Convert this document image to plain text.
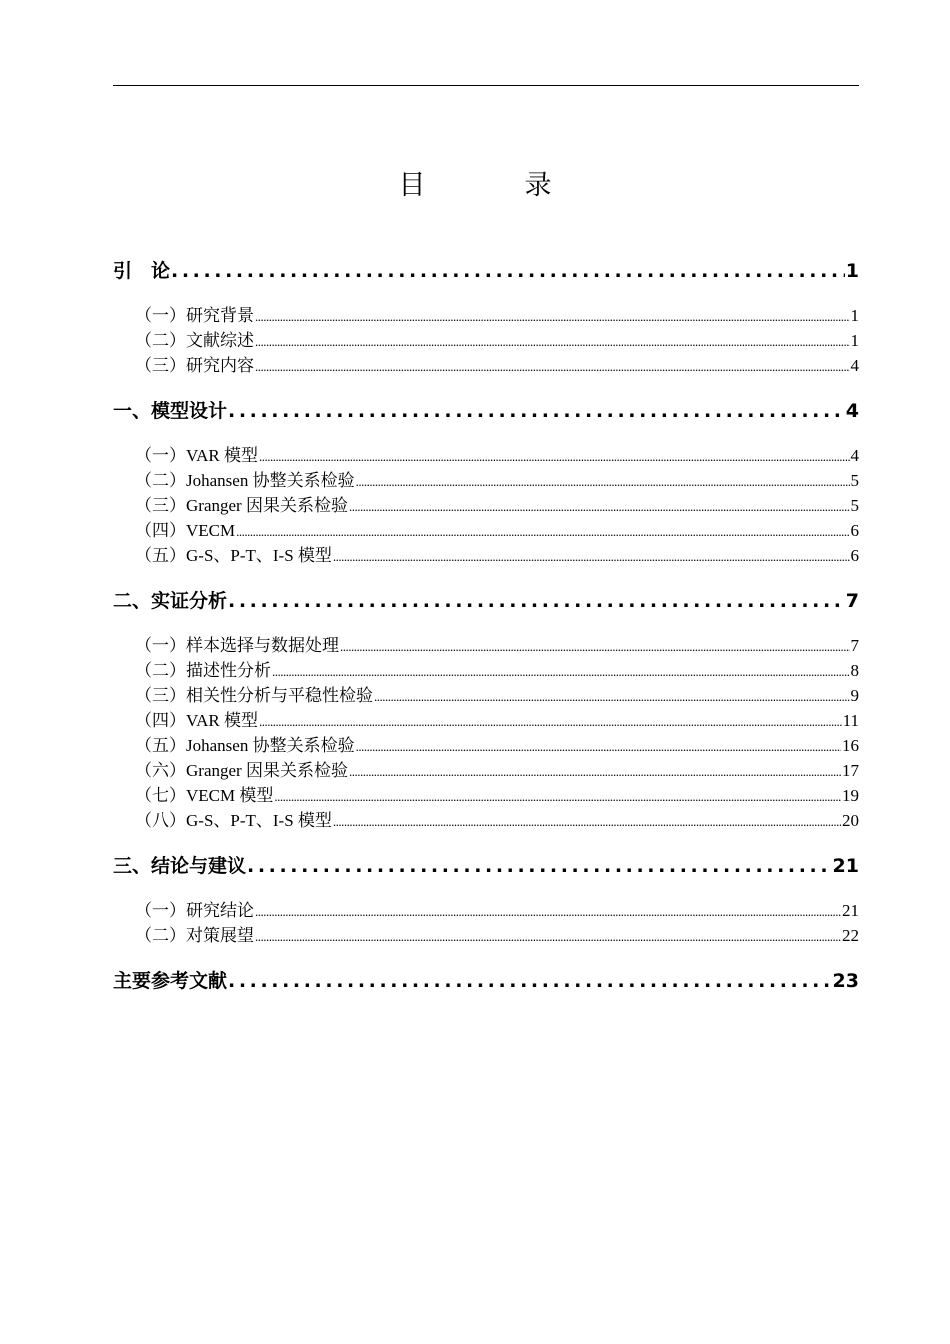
目　录
引　论 .....	1
（一）研究背景 .....	1
（二）文献综述 .....	1
（三）研究内容 .....	4
一、模型设计 .....	4
（一）VAR 模型 .....	4
（二）Johansen 协整关系检验 .....	5
（三）Granger 因果关系检验 .....	5
（四）VECM .....	6
（五）G-S、P-T、I-S 模型 .....	6
二、实证分析 .....	7
（一）样本选择与数据处理 .....	7
（二）描述性分析 .....	8
（三）相关性分析与平稳性检验 .....	9
（四）VAR 模型 .....	11
（五）Johansen 协整关系检验 .....	16
（六）Granger 因果关系检验 .....	17
（七）VECM 模型 .....	19
（八）G-S、P-T、I-S 模型 .....	20
三、结论与建议 .....	21
（一）研究结论 .....	21
（二）对策展望 .....	22
主要参考文献 .....	23
